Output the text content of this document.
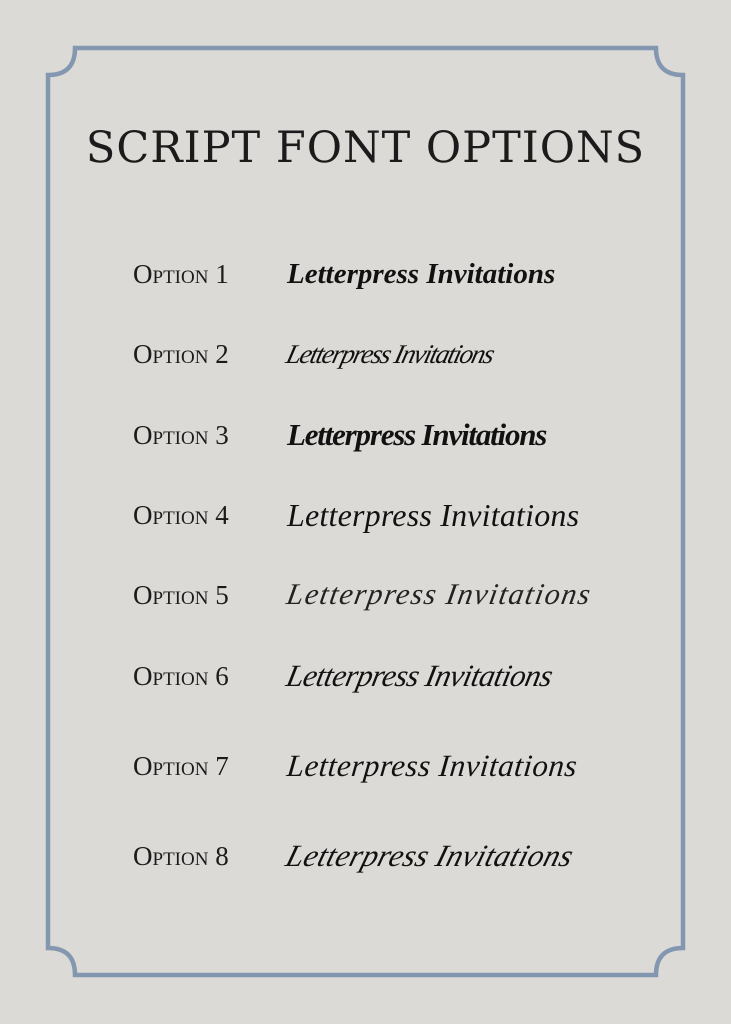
SCRIPT FONT OPTIONS
Option 1 Letterpress Invitations
Option 2 Letterpress Invitations
Option 3 Letterpress Invitations
Option 4 Letterpress Invitations
Option 5 Letterpress Invitations
Option 6 Letterpress Invitations
Option 7 Letterpress Invitations
Option 8 Letterpress Invitations
